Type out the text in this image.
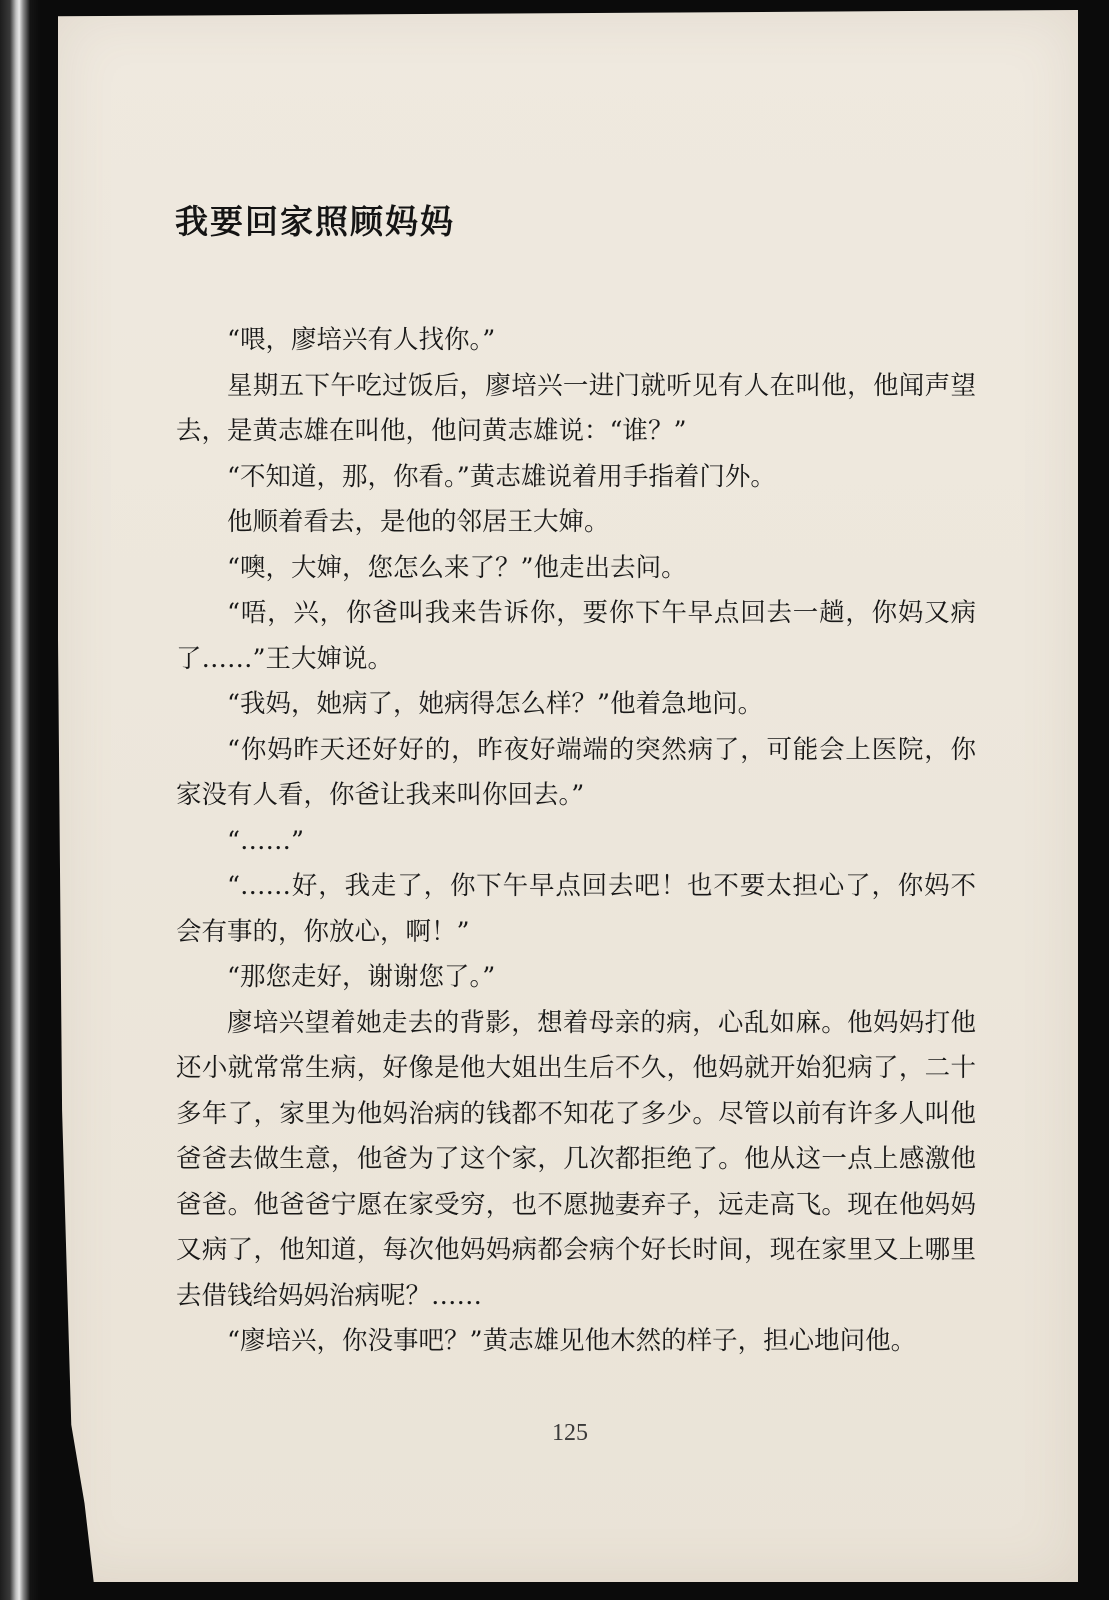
我要回家照顾妈妈

“喂，廖培兴有人找你。”

星期五下午吃过饭后，廖培兴一进门就听见有人在叫他，他闻声望去，是黄志雄在叫他，他问黄志雄说：“谁？”

“不知道，那，你看。”黄志雄说着用手指着门外。

他顺着看去，是他的邻居王大婶。

“噢，大婶，您怎么来了？”他走出去问。

“唔，兴，你爸叫我来告诉你，要你下午早点回去一趟，你妈又病了……”王大婶说。

“我妈，她病了，她病得怎么样？”他着急地问。

“你妈昨天还好好的，昨夜好端端的突然病了，可能会上医院，你家没有人看，你爸让我来叫你回去。”

“……”

“……好，我走了，你下午早点回去吧！也不要太担心了，你妈不会有事的，你放心，啊！”

“那您走好，谢谢您了。”

廖培兴望着她走去的背影，想着母亲的病，心乱如麻。他妈妈打他还小就常常生病，好像是他大姐出生后不久，他妈就开始犯病了，二十多年了，家里为他妈治病的钱都不知花了多少。尽管以前有许多人叫他爸爸去做生意，他爸为了这个家，几次都拒绝了。他从这一点上感激他爸爸。他爸爸宁愿在家受穷，也不愿抛妻弃子，远走高飞。现在他妈妈又病了，他知道，每次他妈妈病都会病个好长时间，现在家里又上哪里去借钱给妈妈治病呢？……

“廖培兴，你没事吧？”黄志雄见他木然的样子，担心地问他。

125
